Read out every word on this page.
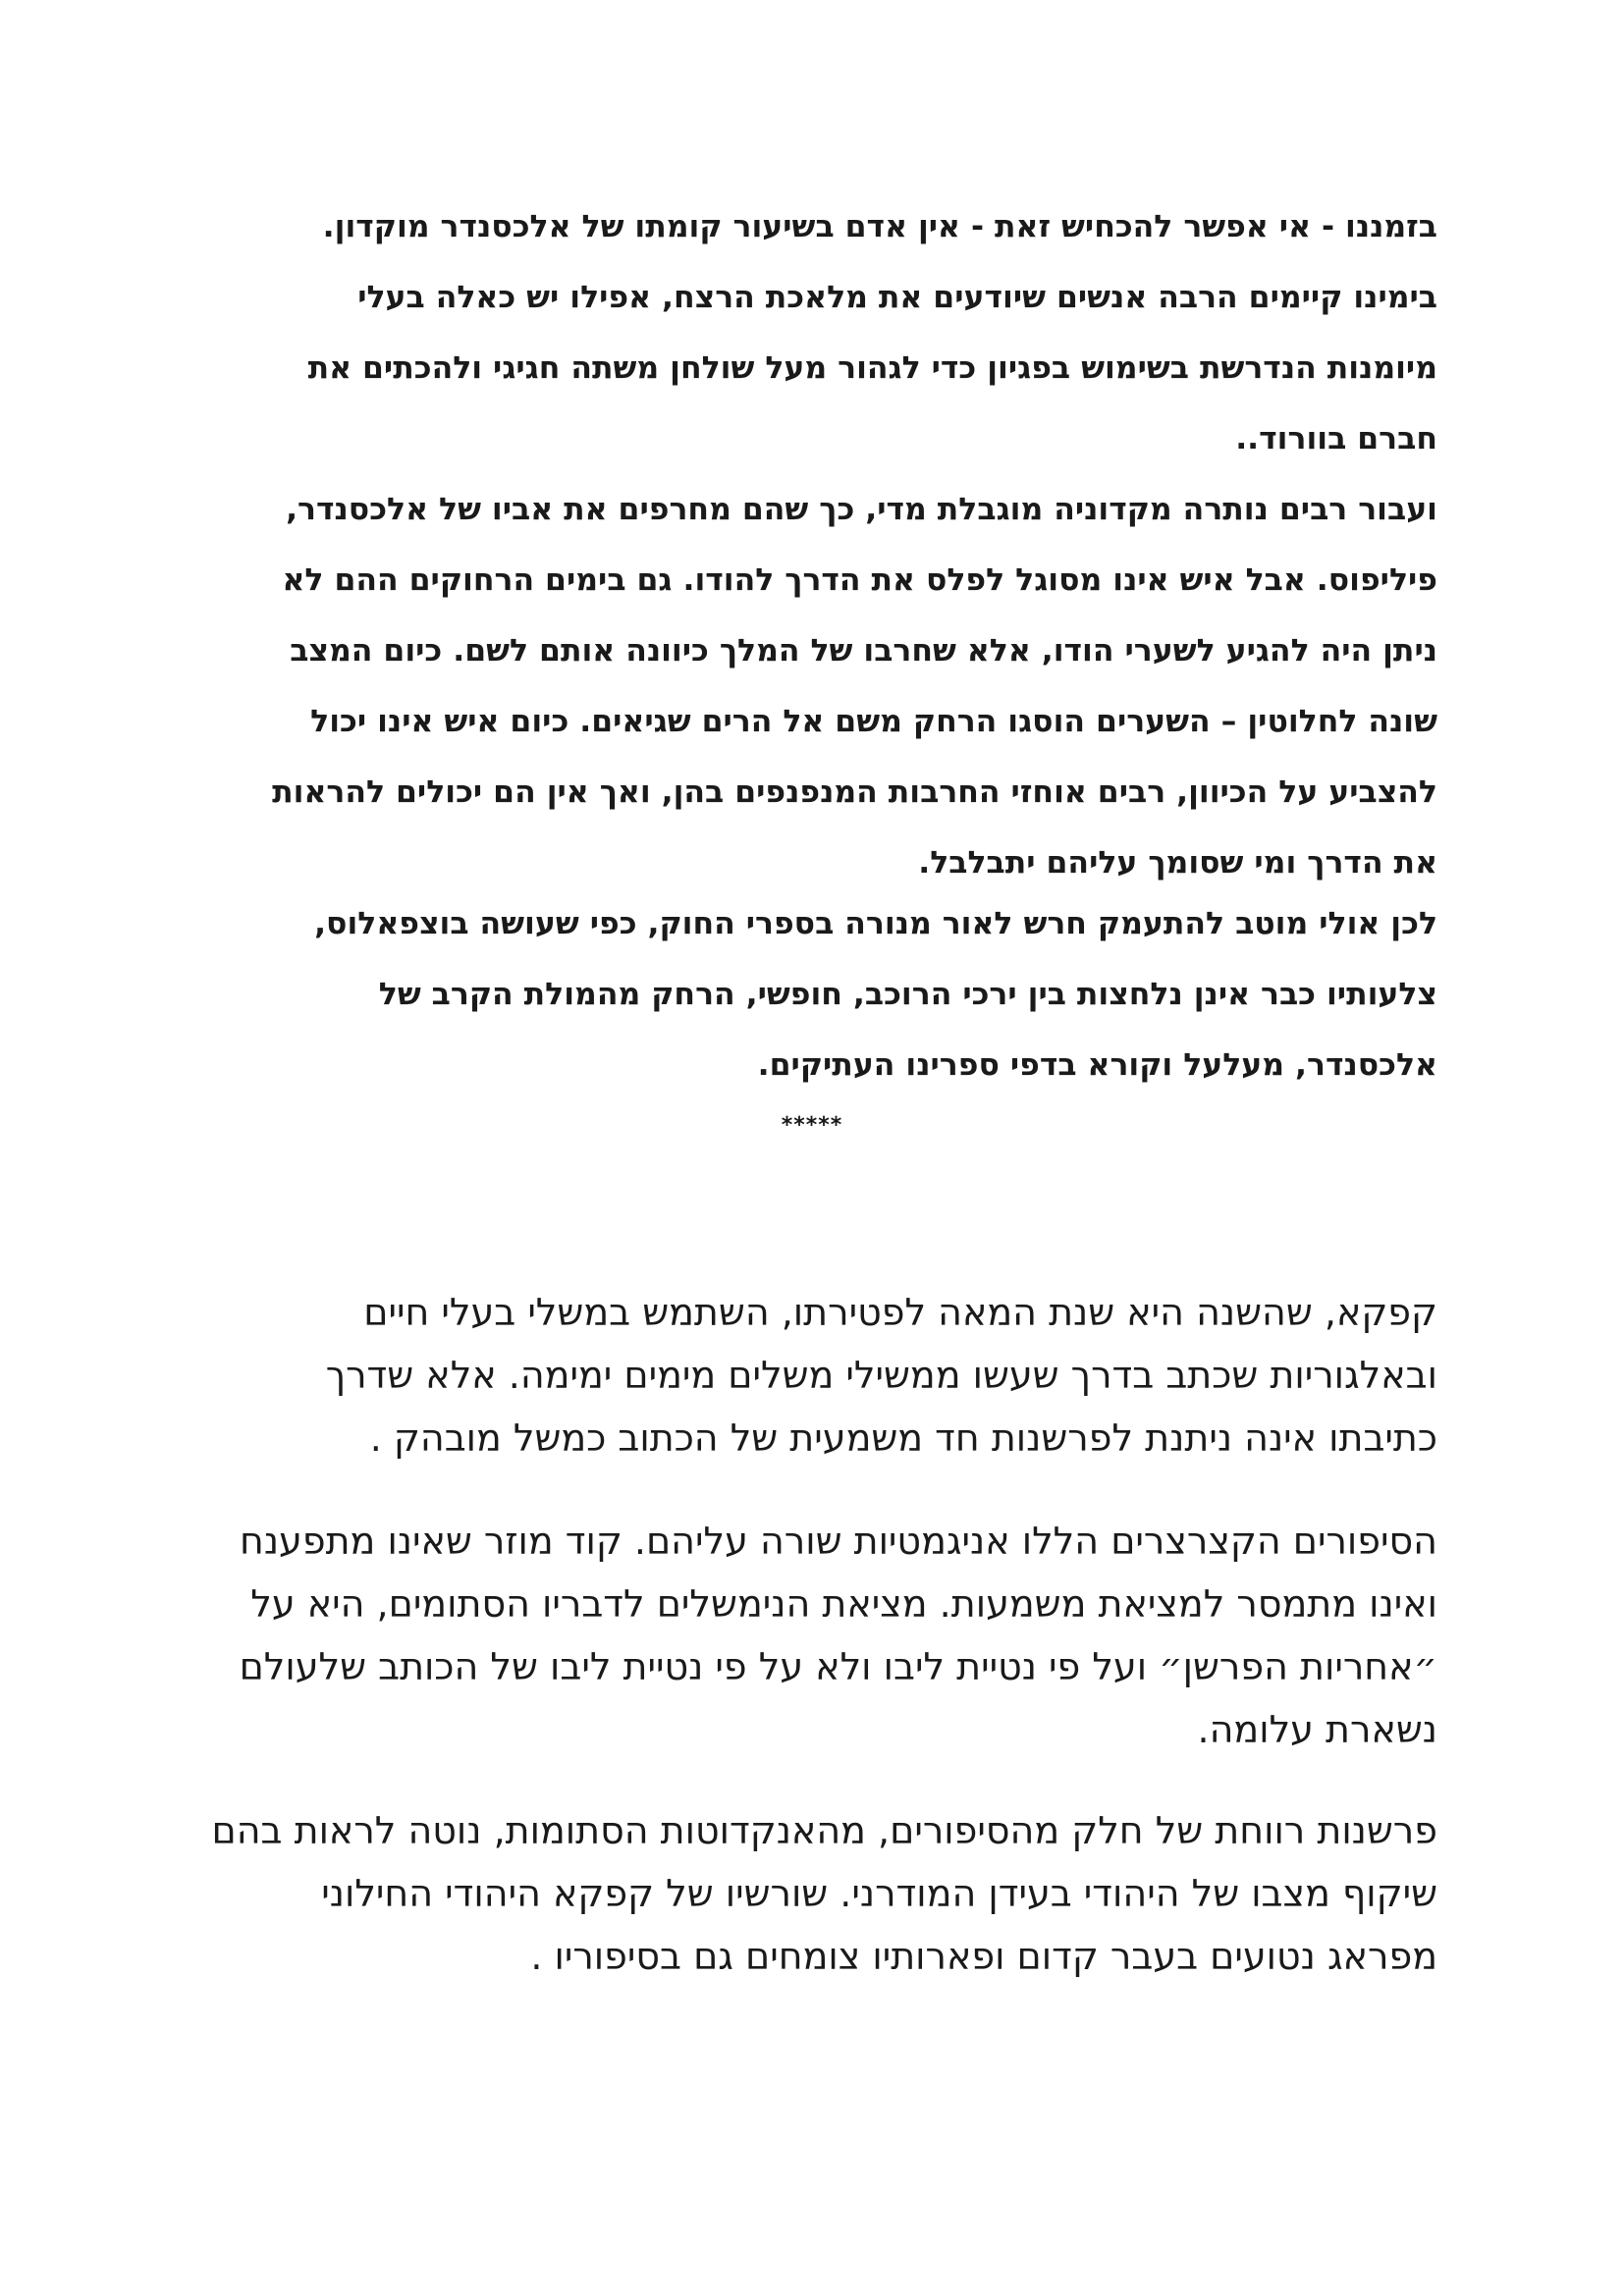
בזמננו - אי אפשר להכחיש זאת - אין אדם בשיעור קומתו של אלכסנדר מוקדון.
בימינו קיימים הרבה אנשים שיודעים את מלאכת הרצח, אפילו יש כאלה בעלי
מיומנות הנדרשת בשימוש בפגיון כדי לגהור מעל שולחן משתה חגיגי ולהכתים את
חברם בוורוד..

ועבור רבים נותרה מקדוניה מוגבלת מדי, כך שהם מחרפים את אביו של אלכסנדר,
פיליפוס. אבל איש אינו מסוגל לפלס את הדרך להודו. גם בימים הרחוקים ההם לא
ניתן היה להגיע לשערי הודו, אלא שחרבו של המלך כיוונה אותם לשם. כיום המצב
שונה לחלוטין – השערים הוסגו הרחק משם אל הרים שגיאים. כיום איש אינו יכול
להצביע על הכיוון, רבים אוחזי החרבות המנפנפים בהן, ואך אין הם יכולים להראות
את הדרך ומי שסומך עליהם יתבלבל.

לכן אולי מוטב להתעמק חרש לאור מנורה בספרי החוק, כפי שעושה בוצפאלוס,
צלעותיו כבר אינן נלחצות בין ירכי הרוכב, חופשי, הרחק מהמולת הקרב של
אלכסנדר, מעלעל וקורא בדפי ספרינו העתיקים.

*****

קפקא, שהשנה היא שנת המאה לפטירתו, השתמש במשלי בעלי חיים
ובאלגוריות שכתב בדרך שעשו ממשילי משלים מימים ימימה. אלא שדרך
כתיבתו אינה ניתנת לפרשנות חד משמעית של הכתוב כמשל מובהק .

הסיפורים הקצרצרים הללו אניגמטיות שורה עליהם. קוד מוזר שאינו מתפענח
ואינו מתמסר למציאת משמעות. מציאת הנימשלים לדבריו הסתומים, היא על
״אחריות הפרשן״ ועל פי נטיית ליבו ולא על פי נטיית ליבו של הכותב שלעולם
נשארת עלומה.

פרשנות רווחת של חלק מהסיפורים, מהאנקדוטות הסתומות, נוטה לראות בהם
שיקוף מצבו של היהודי בעידן המודרני. שורשיו של קפקא היהודי החילוני
מפראג נטועים בעבר קדום ופארותיו צומחים גם בסיפוריו .
